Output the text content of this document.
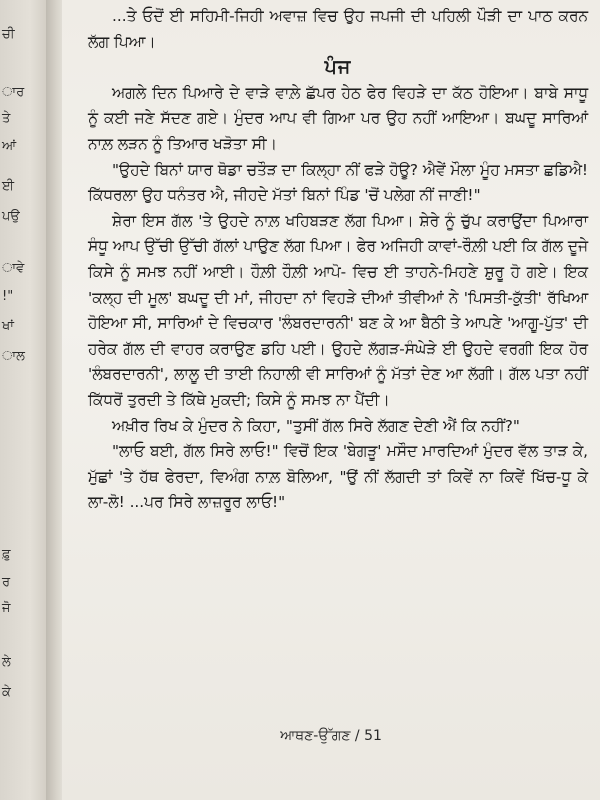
ਚੀ
ਾਰ
ਤੇ
ਆਂ
ਈ
ਪਉ
ਾਵੇ
!"
ਖਾਂ
ਾਲ
ਫ਼ੁ
ਰ
ਜੋ
ਲੇ
ਕੇ

...ਤੇ ਓਦੋਂ ਈ ਸਹਿਮੀ-ਜਿਹੀ ਅਵਾਜ਼ ਵਿਚ ਉਹ ਜਪਜੀ ਦੀ ਪਹਿਲੀ ਪੌੜੀ ਦਾ ਪਾਠ ਕਰਨ ਲੱਗ ਪਿਆ।

ਪੰਜ

ਅਗਲੇ ਦਿਨ ਪਿਆਰੇ ਦੇ ਵਾੜੇ ਵਾਲ਼ੇ ਛੱਪਰ ਹੇਠ ਫੇਰ ਵਿਹੜੇ ਦਾ ਕੱਠ ਹੋਇਆ। ਬਾਬੇ ਸਾਧੂ ਨੂੰ ਕਈ ਜਣੇ ਸੱਦਣ ਗਏ। ਮੁੰਦਰ ਆਪ ਵੀ ਗਿਆ ਪਰ ਉਹ ਨਹੀਂ ਆਇਆ। ਬਘਦੂ ਸਾਰਿਆਂ ਨਾਲ਼ ਲੜਨ ਨੂੰ ਤਿਆਰ ਖੜੋਤਾ ਸੀ।

"ਉਹਦੇ ਬਿਨਾਂ ਯਾਰ ਥੋਡਾ ਚਤੌੜ ਦਾ ਕਿਲ੍ਹਾ ਨੀਂ ਫੜੇ ਹੋਊ? ਐਵੇਂ ਮੌਲਾ ਮੂੰਹ ਮਸਤਾ ਛਡਿਐ! ਕਿੱਧਰਲਾ ਉਹ ਧਨੰਤਰ ਐ, ਜੀਹਦੇ ਮੱਤਾਂ ਬਿਨਾਂ ਪਿੰਡ 'ਚੋਂ ਪਲੇਗ ਨੀਂ ਜਾਣੀ!"

ਸ਼ੇਰਾ ਇਸ ਗੱਲ 'ਤੇ ਉਹਦੇ ਨਾਲ਼ ਖਹਿਬੜਣ ਲੱਗ ਪਿਆ। ਸ਼ੇਰੇ ਨੂੰ ਚੁੱਪ ਕਰਾਉਂਦਾ ਪਿਆਰਾ ਸੰਧੂ ਆਪ ਉੱਚੀ ਉੱਚੀ ਗੱਲਾਂ ਪਾਉਣ ਲੱਗ ਪਿਆ। ਫੇਰ ਅਜਿਹੀ ਕਾਵਾਂ-ਰੌਲ਼ੀ ਪਈ ਕਿ ਗੱਲ ਦੂਜੇ ਕਿਸੇ ਨੂੰ ਸਮਝ ਨਹੀਂ ਆਈ। ਹੌਲ਼ੀ ਹੌਲ਼ੀ ਆਪੋ- ਵਿਚ ਈ ਤਾਹਨੇ-ਮਿਹਣੇ ਸ਼ੁਰੂ ਹੋ ਗਏ। ਇਕ 'ਕਲ੍ਹ ਦੀ ਮੂਲ' ਬਘਦੂ ਦੀ ਮਾਂ, ਜੀਹਦਾ ਨਾਂ ਵਿਹੜੇ ਦੀਆਂ ਤੀਵੀਆਂ ਨੇ 'ਪਿਸਤੀ-ਕੁੱਤੀ' ਰੱਖਿਆ ਹੋਇਆ ਸੀ, ਸਾਰਿਆਂ ਦੇ ਵਿਚਕਾਰ 'ਲੰਬਰਦਾਰਨੀ' ਬਣ ਕੇ ਆ ਬੈਠੀ ਤੇ ਆਪਣੇ 'ਆਗੂ-ਪੁੱਤ' ਦੀ ਹਰੇਕ ਗੱਲ ਦੀ ਵਾਹਰ ਕਰਾਉਣ ਡਹਿ ਪਈ। ਉਹਦੇ ਲੱਗੜ-ਸੰਘੇੜੇ ਈ ਉਹਦੇ ਵਰਗੀ ਇਕ ਹੋਰ 'ਲੰਬਰਦਾਰਨੀ', ਲਾਲੂ ਦੀ ਤਾਈ ਨਿਹਾਲੀ ਵੀ ਸਾਰਿਆਂ ਨੂੰ ਮੱਤਾਂ ਦੇਣ ਆ ਲੱਗੀ। ਗੱਲ ਪਤਾ ਨਹੀਂ ਕਿੱਧਰੋਂ ਤੁਰਦੀ ਤੇ ਕਿੱਥੇ ਮੁਕਦੀ; ਕਿਸੇ ਨੂੰ ਸਮਝ ਨਾ ਪੈਂਦੀ।

ਅਖ਼ੀਰ ਰਿਖ ਕੇ ਮੁੰਦਰ ਨੇ ਕਿਹਾ, "ਤੁਸੀਂ ਗੱਲ ਸਿਰੇ ਲੱਗਣ ਦੇਣੀ ਐਂ ਕਿ ਨਹੀਂ?"

"ਲਾਓ ਬਈ, ਗੱਲ ਸਿਰੇ ਲਾਓ!" ਵਿਚੋਂ ਇਕ 'ਬੇਗੜੂ' ਮਸੌਦ ਮਾਰਦਿਆਂ ਮੁੰਦਰ ਵੱਲ ਤਾੜ ਕੇ, ਮੁੱਛਾਂ 'ਤੇ ਹੱਥ ਫੇਰਦਾ, ਵਿਅੰਗ ਨਾਲ਼ ਬੋਲਿਆ, "ਉਂ ਨੀਂ ਲੱਗਦੀ ਤਾਂ ਕਿਵੇਂ ਨਾ ਕਿਵੇਂ ਖਿੱਚ-ਧੂ ਕੇ ਲਾ-ਲੋ! ...ਪਰ ਸਿਰੇ ਲਾਜ਼ਰੂਰ ਲਾਓ!"

ਆਥਣ-ਉੱਗਣ / 51
